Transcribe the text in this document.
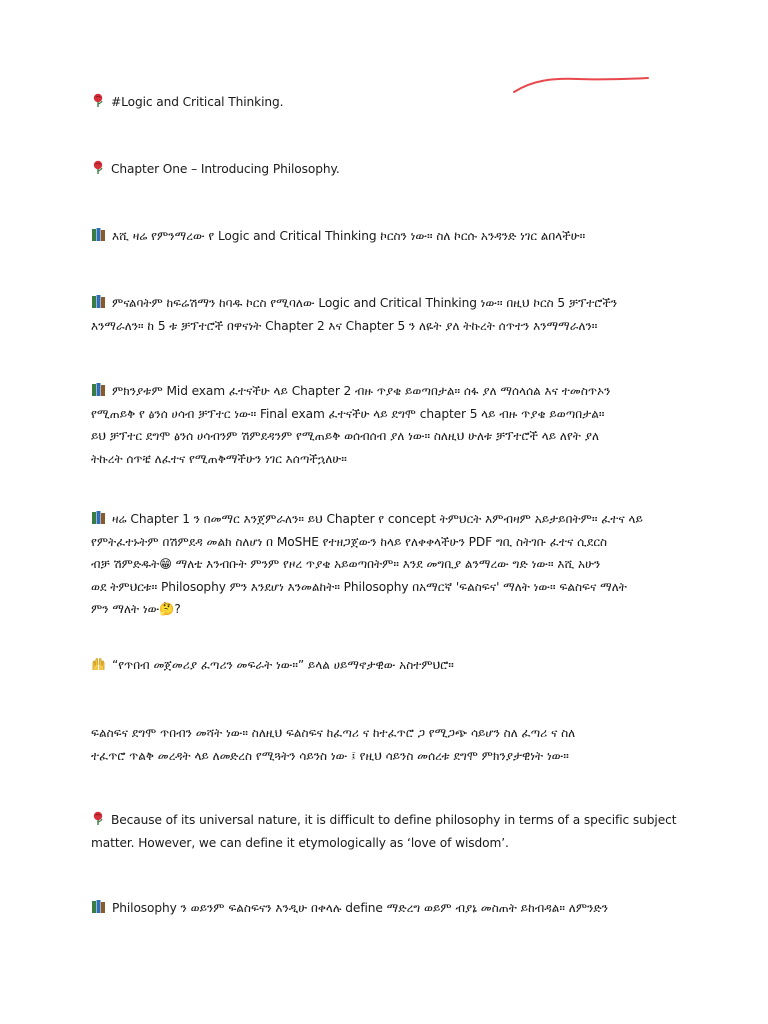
#Logic and Critical Thinking.
Chapter One – Introducing Philosophy.
እሺ ዛሬ የምንማረው የ Logic and Critical Thinking ኮርስን ነው። ስለ ኮርሱ አንዳንድ ነገር ልበላችሁ።
ምናልባትም ከፍሬሽማን ከባዱ ኮርስ የሚባለው Logic and Critical Thinking ነው። በዚህ ኮርስ 5 ቻፕተሮችን
እንማራለን። ከ 5 ቱ ቻፕተሮች በዋናነት Chapter 2 እና Chapter 5 ን ለዬት ያለ ትኩረት ሰጥተን እንማማራለን።
ምክንያቱም Mid exam ፈተናችሁ ላይ Chapter 2 ብዙ ጥያቄ ይወጣበታል። ሰፋ ያለ ማሰላሰል እና ተመስጥኦን
የሚጠይቅ የ ፅንሰ ሀሳብ ቻፕተር ነው። Final exam ፈተናችሁ ላይ ደግሞ chapter 5 ላይ ብዙ ጥያቄ ይወጣበታል።
ይህ ቻፕተር ደግሞ ፅንሰ ሀሳብንም ሽምደዳንም የሚጠይቅ ወሰብሰብ ያለ ነው። ስለዚህ ሁለቱ ቻፕተሮች ላይ ለየት ያለ
ትኩረት ሰጥቼ ለፈተና የሚጠቅማችሁን ነገር እሰጣችኋለሁ።
ዛሬ Chapter 1 ን በመማር እንጀምራለን። ይህ Chapter የ concept ትምህርት እምብዛም አይታይበትም። ፈተና ላይ
የምትፈተኑትም በሽምደዳ መልክ ስለሆነ በ MoSHE የተዘጋጀውን ከላይ የለቀቀላችሁን PDF ግቢ ስትገቡ ፈተና ሲደርስ
ብቻ ሽምድዱት😁 ማለቴ እንብቡት ምንም የዞረ ጥያቄ አይወጣበትም። እንደ መግቢያ ልንማረው ግድ ነው። እሺ አሁን
ወደ ትምህርቱ። Philosophy ምን እንደሆነ እንመልከት። Philosophy በአማርኛ 'ፍልስፍና' ማለት ነው። ፍልስፍና ማለት
ምን ማለት ነው🤔?
“የጥበብ መጀመሪያ ፈጣሪን መፍራት ነው።” ይላል ሀይማኖታዊው አስተምህሮ።
ፍልስፍና ደግሞ ጥበብን መሻት ነው። ስለዚህ ፍልስፍና ከፈጣሪ ና ከተፈጥሮ ጋ የሚጋጭ ሳይሆን ስለ ፈጣሪ ና ስለ
ተፈጥሮ ጥልቅ መረዳት ላይ ለመድረስ የሚጓትን ሳይንስ ነው ፤ የዚህ ሳይንስ መሰረቱ ደግሞ ምክንያታዊነት ነው።
Because of its universal nature, it is difficult to define philosophy in terms of a specific subject
matter. However, we can define it etymologically as ‘love of wisdom’.
Philosophy ን ወይንም ፍልስፍናን እንዲሁ በቀላሉ define ማድረግ ወይም ብያኔ መስጠት ይከብዳል። ለምንድን
